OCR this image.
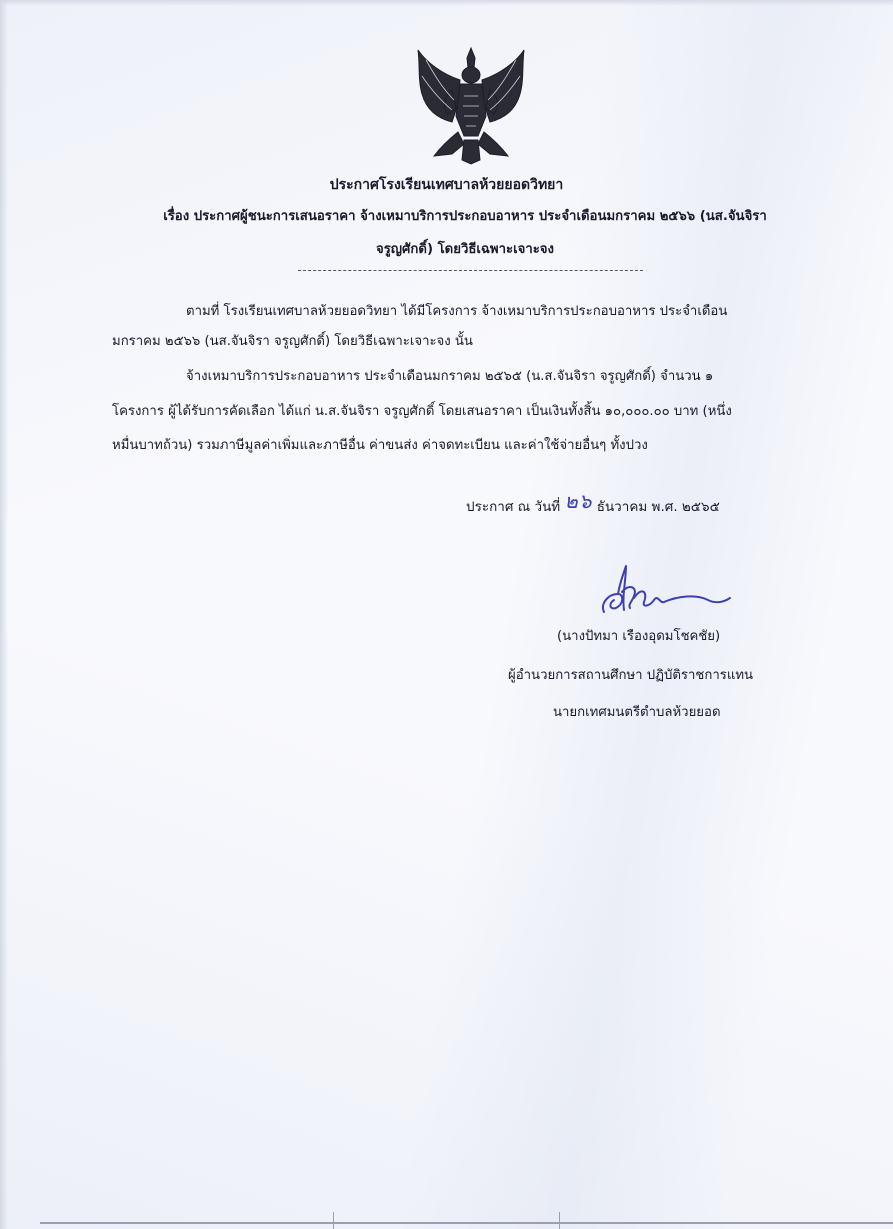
ประกาศโรงเรียนเทศบาลห้วยยอดวิทยา
เรื่อง ประกาศผู้ชนะการเสนอราคา จ้างเหมาบริการประกอบอาหาร ประจำเดือนมกราคม ๒๕๖๖ (นส.จันจิรา
จรูญศักดิ์) โดยวิธีเฉพาะเจาะจง
ตามที่ โรงเรียนเทศบาลห้วยยอดวิทยา ได้มีโครงการ จ้างเหมาบริการประกอบอาหาร ประจำเดือน
มกราคม ๒๕๖๖ (นส.จันจิรา จรูญศักดิ์) โดยวิธีเฉพาะเจาะจง นั้น
จ้างเหมาบริการประกอบอาหาร ประจำเดือนมกราคม ๒๕๖๕ (น.ส.จันจิรา จรูญศักดิ์) จำนวน ๑
โครงการ ผู้ได้รับการคัดเลือก ได้แก่ น.ส.จันจิรา จรูญศักดิ์ โดยเสนอราคา เป็นเงินทั้งสิ้น ๑๐,๐๐๐.๐๐ บาท (หนึ่ง
หมื่นบาทถ้วน) รวมภาษีมูลค่าเพิ่มและภาษีอื่น ค่าขนส่ง ค่าจดทะเบียน และค่าใช้จ่ายอื่นๆ ทั้งปวง
ประกาศ ณ วันที่ ๒๖ ธันวาคม พ.ศ. ๒๕๖๕
(นางปัทมา เรืองอุดมโชคชัย)
ผู้อำนวยการสถานศึกษา ปฏิบัติราชการแทน
นายกเทศมนตรีตำบลห้วยยอด
